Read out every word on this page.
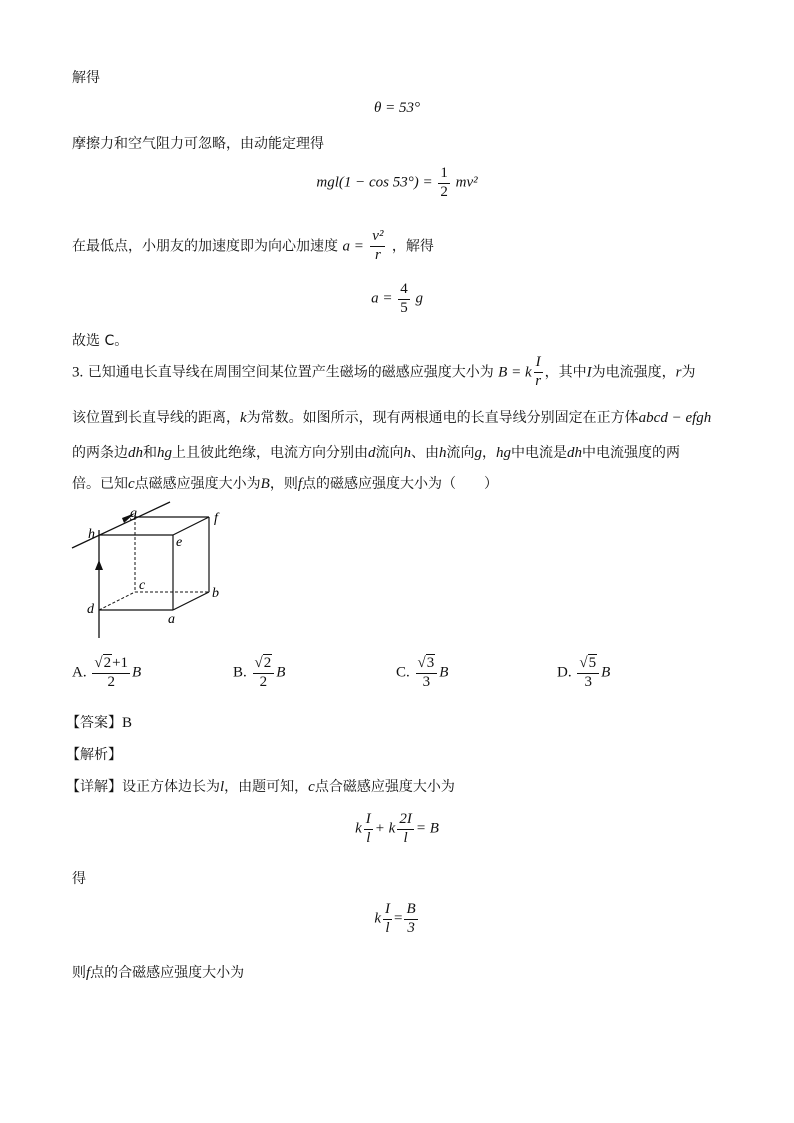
解得
θ = 53°
摩擦力和空气阻力可忽略，由动能定理得
$mgl(1 - \cos 53^\circ) = \frac{1}{2} mv^2$
在最低点，小朋友的加速度即为向心加速度 $a = \frac{\text{v²}}{r}$ ，解得
$a = \frac{4}{5}$ g
故选 C。
3. 已知通电长直导线在周围空间某位置产生磁场的磁感应强度大小为 B = k $\frac{I}{r}$ ，其中I为电流强度，r为
该位置到长直导线的距离，k为常数。如图所示，现有两根通电的长直导线分别固定在正方体abcd − efgh
的两条边dh和hg上且彼此绝缘，电流方向分别由d流向h、由h流向g，hg中电流是dh中电流强度的两
倍。已知c点磁感应强度大小为B，则f点的磁感应强度大小为（　　）
g	f
h
e
c
b
d
a
A. $\frac{√2+1}{2}$ B	B. $\frac{√2}{2}$ B	C. $\frac{√3}{3}$ B	D. $\frac{√5}{3}$ B
【答案】B
【解析】
【详解】设正方体边长为l，由题可知，c点合磁感应强度大小为
k $\frac{I}{l} + k \frac{2I}{l} = B$
得
k $\frac{I}{l} = \frac{B}{3}$
则f点的合磁感应强度大小为
